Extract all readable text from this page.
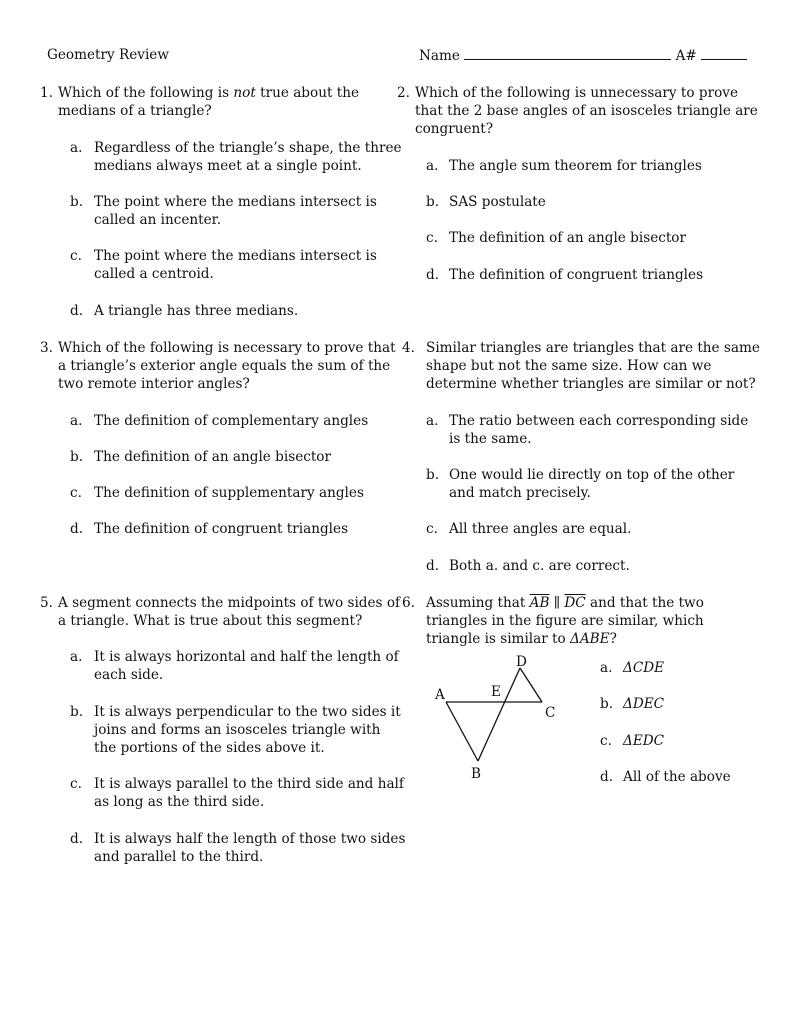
Geometry Review	Name	A#
1. Which of the following is not true about the
medians of a triangle?
a. Regardless of the triangle’s shape, the three
medians always meet at a single point.
b. The point where the medians intersect is
called an incenter.
c. The point where the medians intersect is
called a centroid.
d. A triangle has three medians.
2. Which of the following is unnecessary to prove
that the 2 base angles of an isosceles triangle are
congruent?
a. The angle sum theorem for triangles
b. SAS postulate
c. The definition of an angle bisector
d. The definition of congruent triangles
3. Which of the following is necessary to prove that
a triangle’s exterior angle equals the sum of the
two remote interior angles?
a. The definition of complementary angles
b. The definition of an angle bisector
c. The definition of supplementary angles
d. The definition of congruent triangles
4. Similar triangles are triangles that are the same
shape but not the same size. How can we
determine whether triangles are similar or not?
a. The ratio between each corresponding side
is the same.
b. One would lie directly on top of the other
and match precisely.
c. All three angles are equal.
d. Both a. and c. are correct.
5. A segment connects the midpoints of two sides of
a triangle. What is true about this segment?
a. It is always horizontal and half the length of
each side.
b. It is always perpendicular to the two sides it
joins and forms an isosceles triangle with
the portions of the sides above it.
c. It is always parallel to the third side and half
as long as the third side.
d. It is always half the length of those two sides
and parallel to the third.
6. Assuming that $\overline{AB}$ ∥ $\overline{DC}$ and that the two
triangles in the figure are similar, which
triangle is similar to ΔABE?
A	E
D
C
B
a. ΔCDE
b. ΔDEC
c. ΔEDC
d. All of the above
